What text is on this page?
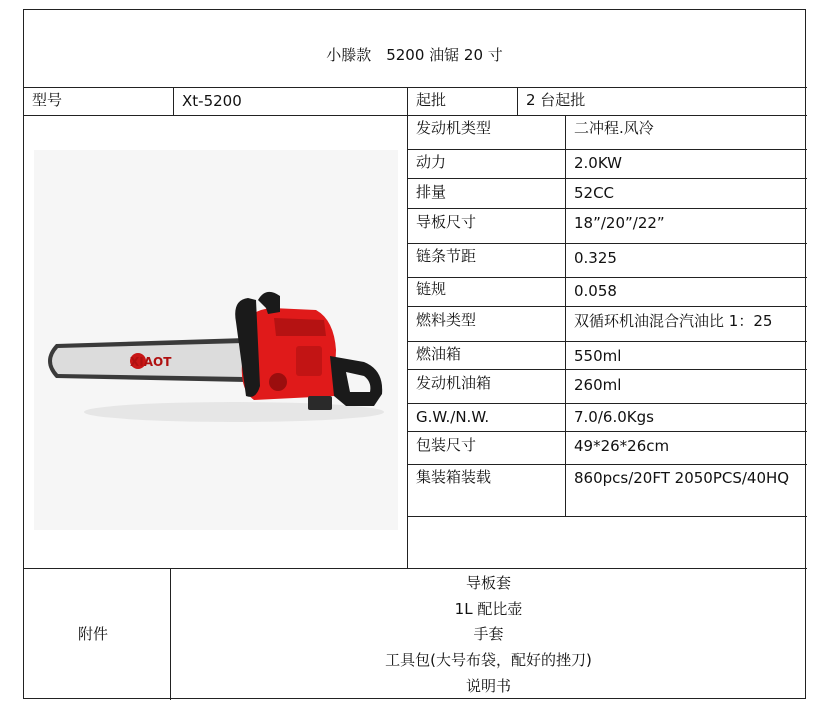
小滕款　5200 油锯 20 寸
型号	Xt-5200	起批	2 台起批
发动机类型	二冲程.风冷
动力	2.0KW
排量	52CC
导板尺寸	18”/20”/22”
链条节距	0.325
链规	0.058
燃料类型	双循环机油混合汽油比 1：25
燃油箱	550ml
发动机油箱	260ml
G.W./N.W.	7.0/6.0Kgs
包装尺寸	49*26*26cm
集装箱装载	860pcs/20FT 2050PCS/40HQ
XIAOT
附件
导板套
1L 配比壶
手套
工具包(大号布袋，配好的挫刀)
说明书
